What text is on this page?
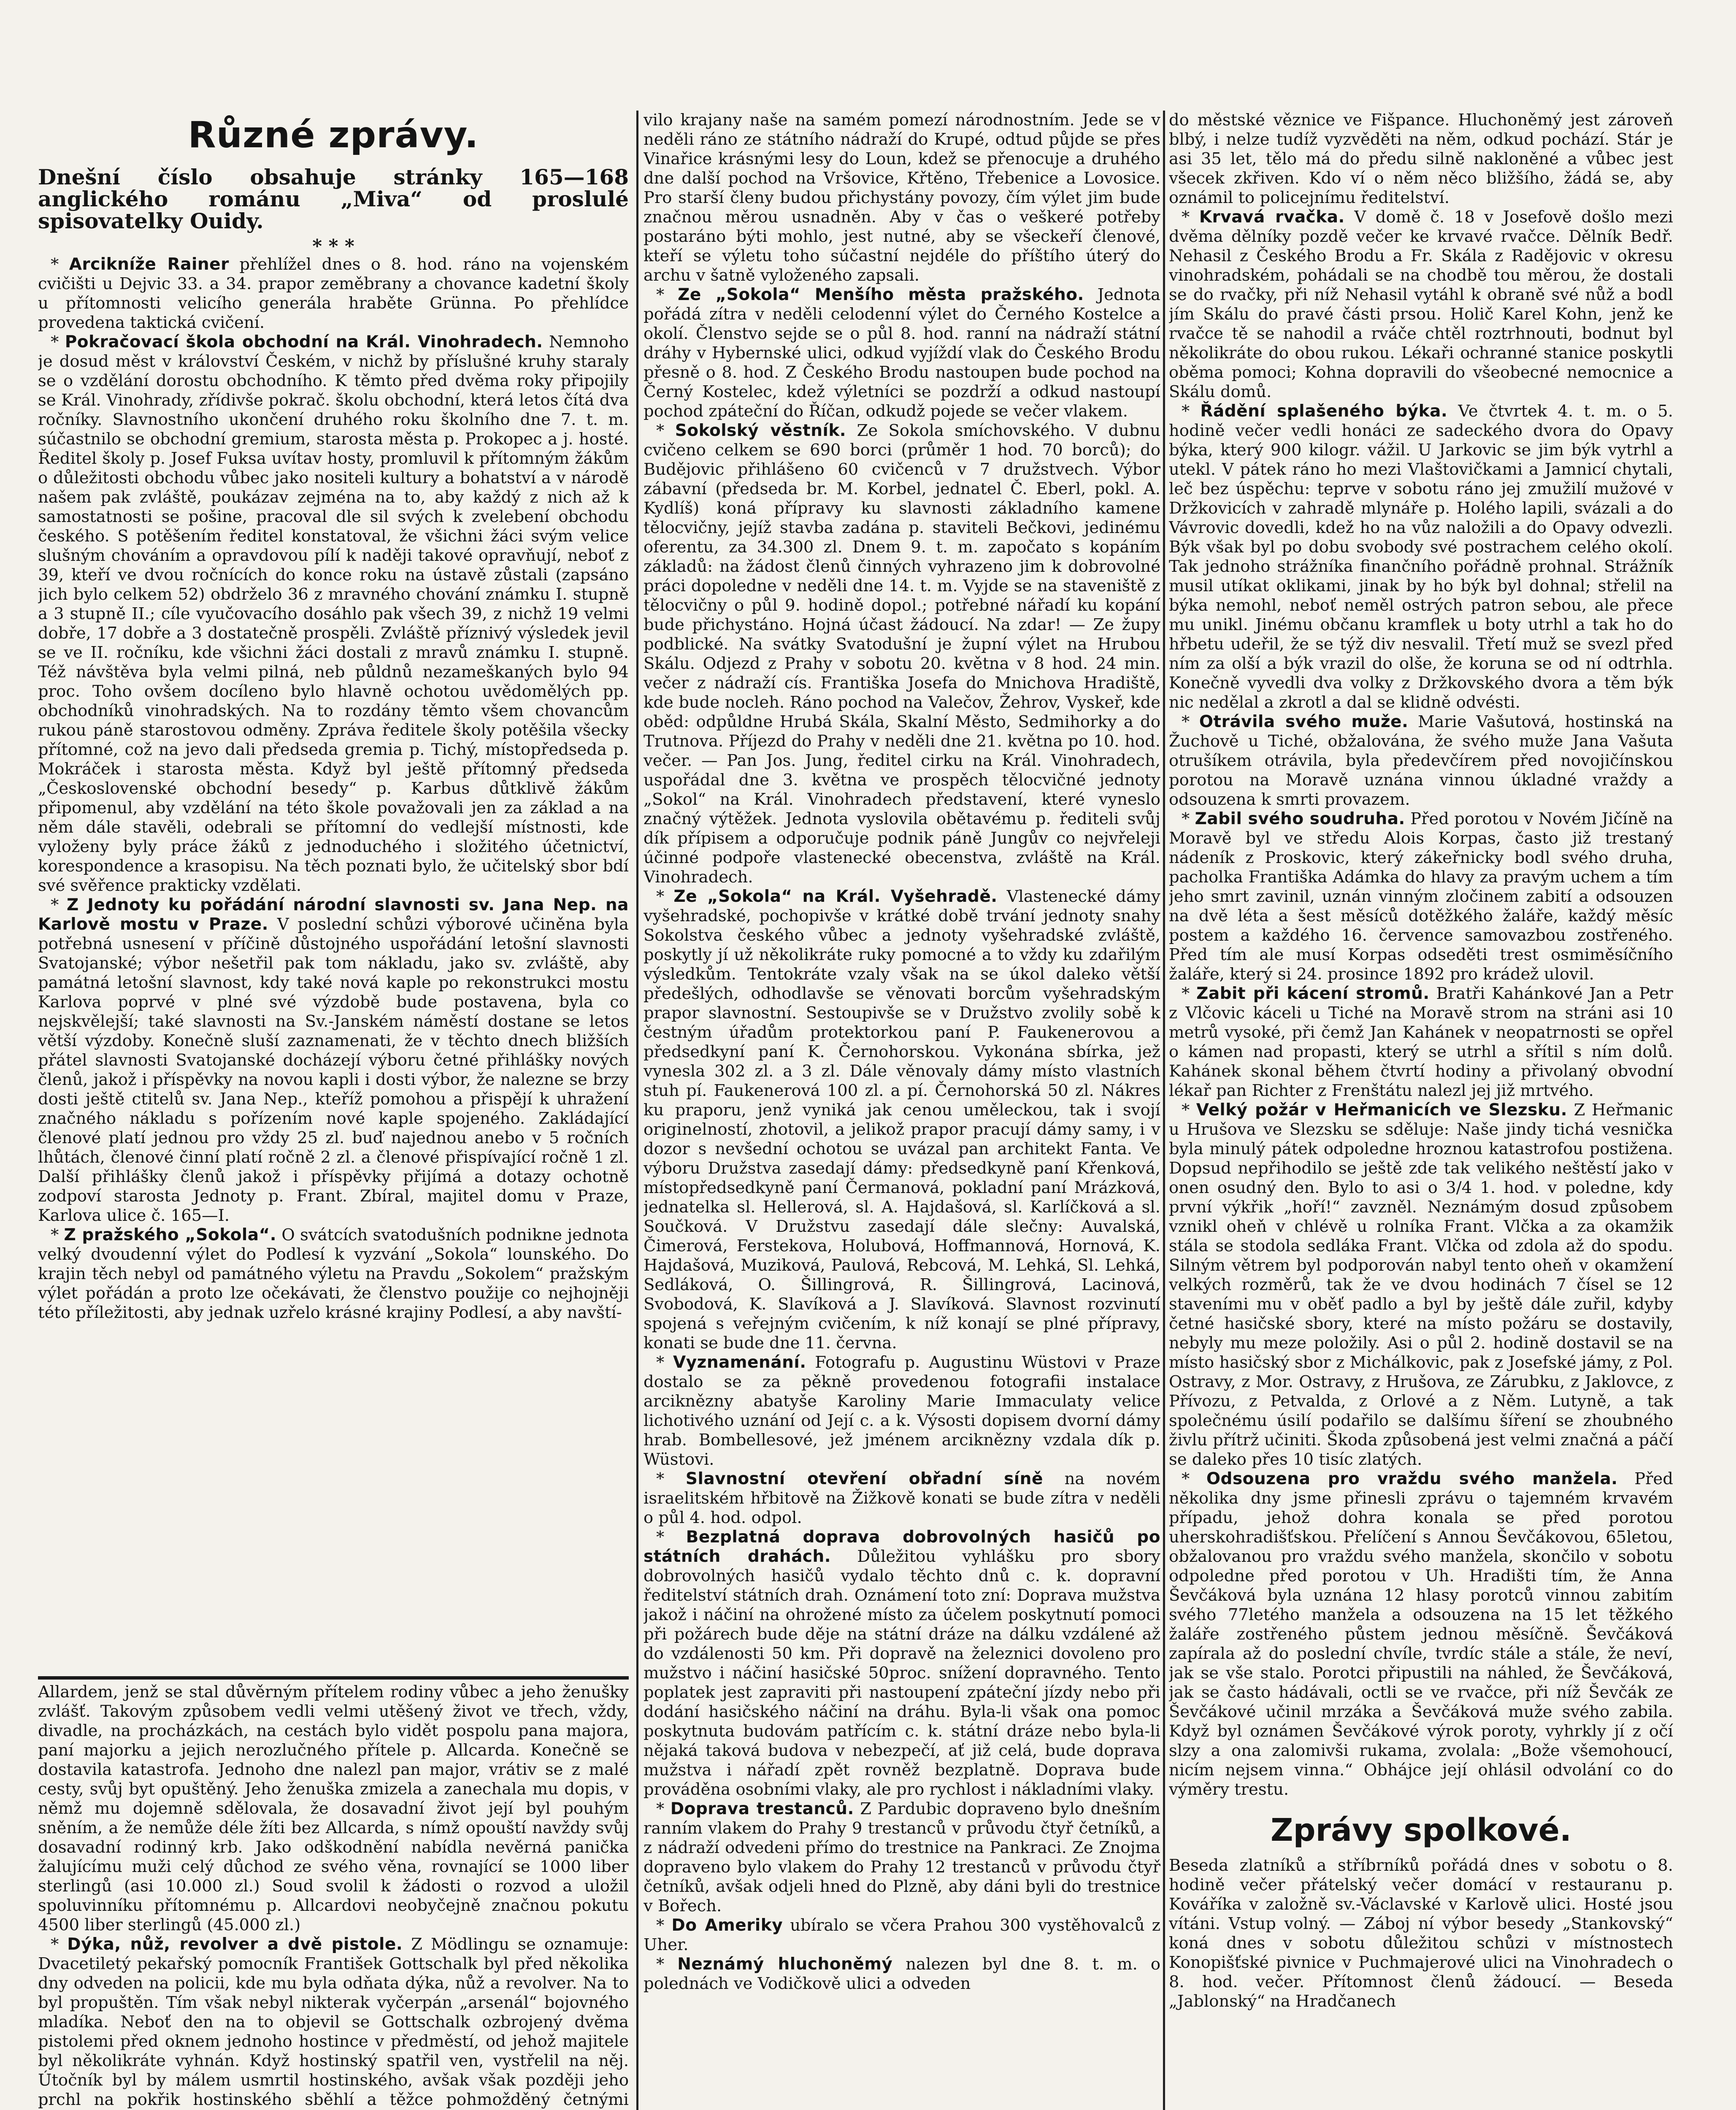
Různé zprávy.

Dnešní číslo obsahuje stránky 165—168 anglického románu „Miva“ od proslulé spisovatelky Ouidy.

* * *

* Arcikníže Rainer přehlížel dnes o 8. hod. ráno na vojenském cvičišti u Dejvic 33. a 34. prapor zeměbrany a chovance kadetní školy u přítomnosti velicího generála hraběte Grünna. Po přehlídce provedena taktická cvičení.

* Pokračovací škola obchodní na Král. Vinohradech. Nemnoho je dosud měst v království Českém, v nichž by příslušné kruhy staraly se o vzdělání dorostu obchodního. K těmto před dvěma roky připojily se Král. Vinohrady, zřídivše pokrač. školu obchodní, která letos čítá dva ročníky. Slavnostního ukončení druhého roku školního dne 7. t. m. súčastnilo se obchodní gremium, starosta města p. Prokopec a j. hosté. Ředitel školy p. Josef Fuksa uvítav hosty, promluvil k přítomným žákům o důležitosti obchodu vůbec jako nositeli kultury a bohatství a v národě našem pak zvláště, poukázav zejména na to, aby každý z nich až k samostatnosti se pošine, pracoval dle sil svých k zvelebení obchodu českého. S potěšením ředitel konstatoval, že všichni žáci svým velice slušným chováním a opravdovou pílí k naději takové opravňují, neboť z 39, kteří ve dvou ročnících do konce roku na ústavě zůstali (zapsáno jich bylo celkem 52) obdrželo 36 z mravného chování známku I. stupně a 3 stupně II.; cíle vyučovacího dosáhlo pak všech 39, z nichž 19 velmi dobře, 17 dobře a 3 dostatečně prospěli. Zvláště příznivý výsledek jevil se ve II. ročníku, kde všichni žáci dostali z mravů známku I. stupně. Též návštěva byla velmi pilná, neb půldnů nezameškaných bylo 94 proc. Toho ovšem docíleno bylo hlavně ochotou uvědomělých pp. obchodníků vinohradských. Na to rozdány těmto všem chovancům rukou páně starostovou odměny. Zpráva ředitele školy potěšila všecky přítomné, což na jevo dali předseda gremia p. Tichý, místopředseda p. Mokráček i starosta města. Když byl ještě přítomný předseda „Československé obchodní besedy“ p. Karbus důtklivě žákům připomenul, aby vzdělání na této škole považovali jen za základ a na něm dále stavěli, odebrali se přítomní do vedlejší místnosti, kde vyloženy byly práce žáků z jednoduchého i složitého účetnictví, korespondence a krasopisu. Na těch poznati bylo, že učitelský sbor bdí své svěřence prakticky vzdělati.

* Z Jednoty ku pořádání národní slavnosti sv. Jana Nep. na Karlově mostu v Praze. V poslední schůzi výborové učiněna byla potřebná usnesení v příčině důstojného uspořádání letošní slavnosti Svatojanské; výbor nešetřil pak tom nákladu, jako sv. zvláště, aby památná letošní slavnost, kdy také nová kaple po rekonstrukci mostu Karlova poprvé v plné své výzdobě bude postavena, byla co nejskvělejší; také slavnosti na Sv.-Janském náměstí dostane se letos větší výzdoby. Konečně sluší zaznamenati, že v těchto dnech bližších přátel slavnosti Svatojanské docházejí výboru četné přihlášky nových členů, jakož i příspěvky na novou kapli i dosti výbor, že nalezne se brzy dosti ještě ctitelů sv. Jana Nep., kteříž pomohou a přispějí k uhražení značného nákladu s pořízením nové kaple spojeného. Zakládající členové platí jednou pro vždy 25 zl. buď najednou anebo v 5 ročních lhůtách, členové činní platí ročně 2 zl. a členové přispívající ročně 1 zl. Další přihlášky členů jakož i příspěvky přijímá a dotazy ochotně zodpoví starosta Jednoty p. Frant. Zbíral, majitel domu v Praze, Karlova ulice č. 165—I.

* Z pražského „Sokola“. O svátcích svatodušních podnikne jednota velký dvoudenní výlet do Podlesí k vyzvání „Sokola“ lounského. Do krajin těch nebyl od památného výletu na Pravdu „Sokolem“ pražským výlet pořádán a proto lze očekávati, že členstvo použije co nejhojněji této příležitosti, aby jednak uzřelo krásné krajiny Podlesí, a aby navští-

Allardem, jenž se stal důvěrným přítelem rodiny vůbec a jeho ženušky zvlášť. Takovým způsobem vedli velmi utěšený život ve třech, vždy, divadle, na procházkách, na cestách bylo vidět pospolu pana majora, paní majorku a jejich nerozlučného přítele p. Allcarda. Konečně se dostavila katastrofa. Jednoho dne nalezl pan major, vrátiv se z malé cesty, svůj byt opuštěný. Jeho ženuška zmizela a zanechala mu dopis, v němž mu dojemně sdělovala, že dosavadní život její byl pouhým sněním, a že nemůže déle žíti bez Allcarda, s nímž opouští navždy svůj dosavadní rodinný krb. Jako odškodnění nabídla nevěrná panička žalujícímu muži celý důchod ze svého věna, rovnající se 1000 liber sterlingů (asi 10.000 zl.) Soud svolil k žádosti o rozvod a uložil spoluvinníku přítomnému p. Allcardovi neobyčejně značnou pokutu 4500 liber sterlingů (45.000 zl.)

* Dýka, nůž, revolver a dvě pistole. Z Mödlingu se oznamuje: Dvacetiletý pekařský pomocník František Gottschalk byl před několika dny odveden na policii, kde mu byla odňata dýka, nůž a revolver. Na to byl propuštěn. Tím však nebyl nikterak vyčerpán „arsenál“ bojovného mladíka. Neboť den na to objevil se Gottschalk ozbrojený dvěma pistolemi před oknem jednoho hostince v předměstí, od jehož majitele byl několikráte vyhnán. Když hostinský spatřil ven, vystřelil na něj. Útočník byl by málem usmrtil hostinského, avšak však později jeho prchl na pokřik hostinského sběhlí a těžce pohmožděný četnými

vilo krajany naše na samém pomezí národnostním. Jede se v neděli ráno ze státního nádraží do Krupé, odtud půjde se přes Vinařice krásnými lesy do Loun, kdež se přenocuje a druhého dne další pochod na Vršovice, Křtěno, Třebenice a Lovosice. Pro starší členy budou přichystány povozy, čím výlet jim bude značnou měrou usnadněn. Aby v čas o veškeré potřeby postaráno býti mohlo, jest nutné, aby se všeckeří členové, kteří se výletu toho súčastní nejdéle do příštího úterý do archu v šatně vyloženého zapsali.

* Ze „Sokola“ Menšího města pražského. Jednota pořádá zítra v neděli celodenní výlet do Černého Kostelce a okolí. Členstvo sejde se o půl 8. hod. ranní na nádraží státní dráhy v Hybernské ulici, odkud vyjíždí vlak do Českého Brodu přesně o 8. hod. Z Českého Brodu nastoupen bude pochod na Černý Kostelec, kdež výletníci se pozdrží a odkud nastoupí pochod zpáteční do Říčan, odkudž pojede se večer vlakem.

* Sokolský věstník. Ze Sokola smíchovského. V dubnu cvičeno celkem se 690 borci (průměr 1 hod. 70 borců); do Budějovic přihlášeno 60 cvičenců v 7 družstvech. Výbor zábavní (předseda br. M. Korbel, jednatel Č. Eberl, pokl. A. Kydlíš) koná přípravy ku slavnosti základního kamene tělocvičny, jejíž stavba zadána p. staviteli Bečkovi, jedinému oferentu, za 34.300 zl. Dnem 9. t. m. započato s kopáním základů: na žádost členů činných vyhrazeno jim k dobrovolné práci dopoledne v neděli dne 14. t. m. Vyjde se na staveniště z tělocvičny o půl 9. hodině dopol.; potřebné nářadí ku kopání bude přichystáno. Hojná účast žádoucí. Na zdar! — Ze župy podblické. Na svátky Svatodušní je župní výlet na Hrubou Skálu. Odjezd z Prahy v sobotu 20. května v 8 hod. 24 min. večer z nádraží cís. Františka Josefa do Mnichova Hradiště, kde bude nocleh. Ráno pochod na Valečov, Žehrov, Vyskeř, kde oběd: odpůldne Hrubá Skála, Skalní Město, Sedmihorky a do Trutnova. Příjezd do Prahy v neděli dne 21. května po 10. hod. večer. — Pan Jos. Jung, ředitel cirku na Král. Vinohradech, uspořádal dne 3. května ve prospěch tělocvičné jednoty „Sokol“ na Král. Vinohradech představení, které vyneslo značný výtěžek. Jednota vyslovila obětavému p. řediteli svůj dík přípisem a odporučuje podnik páně Jungův co nejvřeleji účinné podpoře vlastenecké obecenstva, zvláště na Král. Vinohradech.

* Ze „Sokola“ na Král. Vyšehradě. Vlastenecké dámy vyšehradské, pochopivše v krátké době trvání jednoty snahy Sokolstva českého vůbec a jednoty vyšehradské zvláště, poskytly jí už několikráte ruky pomocné a to vždy ku zdařilým výsledkům. Tentokráte vzaly však na se úkol daleko větší předešlých, odhodlavše se věnovati borcům vyšehradským prapor slavnostní. Sestoupivše se v Družstvo zvolily sobě k čestným úřadům protektorkou paní P. Faukenerovou a předsedkyní paní K. Černohorskou. Vykonána sbírka, jež vynesla 302 zl. a 3 zl. Dále věnovaly dámy místo vlastních stuh pí. Faukenerová 100 zl. a pí. Černohorská 50 zl. Nákres ku praporu, jenž vyniká jak cenou uměleckou, tak i svojí originelností, zhotovil, a jelikož prapor pracují dámy samy, i v dozor s nevšední ochotou se uvázal pan architekt Fanta. Ve výboru Družstva zasedají dámy: předsedkyně paní Křenková, místopředsedkyně paní Čermanová, pokladní paní Mrázková, jednatelka sl. Hellerová, sl. A. Hajdašová, sl. Karlíčková a sl. Součková. V Družstvu zasedají dále slečny: Auvalská, Čimerová, Ferstekova, Holubová, Hoffmannová, Hornová, K. Hajdašová, Muziková, Paulová, Rebcová, M. Lehká, Sl. Lehká, Sedláková, O. Šillingrová, R. Šillingrová, Lacinová, Svobodová, K. Slavíková a J. Slavíková. Slavnost rozvinutí spojená s veřejným cvičením, k níž konají se plné přípravy, konati se bude dne 11. června.

* Vyznamenání. Fotografu p. Augustinu Wüstovi v Praze dostalo se za pěkně provedenou fotografii instalace arciknězny abatyše Karoliny Marie Immaculaty velice lichotivého uznání od Její c. a k. Výsosti dopisem dvorní dámy hrab. Bombellesové, jež jménem arciknězny vzdala dík p. Wüstovi.

* Slavnostní otevření obřadní síně na novém israelitském hřbitově na Žižkově konati se bude zítra v neděli o půl 4. hod. odpol.

* Bezplatná doprava dobrovolných hasičů po státních drahách. Důležitou vyhlášku pro sbory dobrovolných hasičů vydalo těchto dnů c. k. dopravní ředitelství státních drah. Oznámení toto zní: Doprava mužstva jakož i náčiní na ohrožené místo za účelem poskytnutí pomoci při požárech bude děje na státní dráze na dálku vzdálené až do vzdálenosti 50 km. Při dopravě na železnici dovoleno pro mužstvo i náčiní hasičské 50proc. snížení dopravného. Tento poplatek jest zapraviti při nastoupení zpáteční jízdy nebo při dodání hasičského náčiní na dráhu. Byla-li však ona pomoc poskytnuta budovám patřícím c. k. státní dráze nebo byla-li nějaká taková budova v nebezpečí, ať již celá, bude doprava mužstva i nářadí zpět rovněž bezplatně. Doprava bude prováděna osobními vlaky, ale pro rychlost i nákladními vlaky.

* Doprava trestanců. Z Pardubic dopraveno bylo dnešním ranním vlakem do Prahy 9 trestanců v průvodu čtyř četníků, a z nádraží odvedeni přímo do trestnice na Pankraci. Ze Znojma dopraveno bylo vlakem do Prahy 12 trestanců v průvodu čtyř četníků, avšak odjeli hned do Plzně, aby dáni byli do trestnice v Bořech.

* Do Ameriky ubíralo se včera Prahou 300 vystěhovalců z Uher.

* Neznámý hluchoněmý nalezen byl dne 8. t. m. o polednách ve Vodičkově ulici a odveden

do městské věznice ve Fišpance. Hluchoněmý jest zároveň blbý, i nelze tudíž vyzvěděti na něm, odkud pochází. Stár je asi 35 let, tělo má do předu silně nakloněné a vůbec jest všecek zkřiven. Kdo ví o něm něco bližšího, žádá se, aby oznámil to policejnímu ředitelství.

* Krvavá rvačka. V domě č. 18 v Josefově došlo mezi dvěma dělníky pozdě večer ke krvavé rvačce. Dělník Bedř. Nehasil z Českého Brodu a Fr. Skála z Radějovic v okresu vinohradském, pohádali se na chodbě tou měrou, že dostali se do rvačky, při níž Nehasil vytáhl k obraně své nůž a bodl jím Skálu do pravé části prsou. Holič Karel Kohn, jenž ke rvačce tě se nahodil a rváče chtěl roztrhnouti, bodnut byl několikráte do obou rukou. Lékaři ochranné stanice poskytli oběma pomoci; Kohna dopravili do všeobecné nemocnice a Skálu domů.

* Řádění splašeného býka. Ve čtvrtek 4. t. m. o 5. hodině večer vedli honáci ze sadeckého dvora do Opavy býka, který 900 kilogr. vážil. U Jarkovic se jim býk vytrhl a utekl. V pátek ráno ho mezi Vlaštovičkami a Jamnicí chytali, leč bez úspěchu: teprve v sobotu ráno jej zmužilí mužové v Držkovicích v zahradě mlynáře p. Holého lapili, svázali a do Vávrovic dovedli, kdež ho na vůz naložili a do Opavy odvezli. Býk však byl po dobu svobody své postrachem celého okolí. Tak jednoho strážníka finančního pořádně prohnal. Strážník musil utíkat oklikami, jinak by ho býk byl dohnal; střelil na býka nemohl, neboť neměl ostrých patron sebou, ale přece mu unikl. Jinému občanu kramflek u boty utrhl a tak ho do hřbetu udeřil, že se týž div nesvalil. Třetí muž se svezl před ním za olší a býk vrazil do olše, že koruna se od ní odtrhla. Konečně vyvedli dva volky z Držkovského dvora a těm býk nic nedělal a zkrotl a dal se klidně odvésti.

* Otrávila svého muže. Marie Vašutová, hostinská na Žuchově u Tiché, obžalována, že svého muže Jana Vašuta otrušíkem otrávila, byla předevčírem před novojičínskou porotou na Moravě uznána vinnou úkladné vraždy a odsouzena k smrti provazem.

* Zabil svého soudruha. Před porotou v Novém Jičíně na Moravě byl ve středu Alois Korpas, často již trestaný nádeník z Proskovic, který zákeřnicky bodl svého druha, pacholka Františka Adámka do hlavy za pravým uchem a tím jeho smrt zavinil, uznán vinným zločinem zabití a odsouzen na dvě léta a šest měsíců dotěžkého žaláře, každý měsíc postem a každého 16. července samovazbou zostřeného. Před tím ale musí Korpas odseděti trest osmiměsíčního žaláře, který si 24. prosince 1892 pro krádež ulovil.

* Zabit při kácení stromů. Bratři Kahánkové Jan a Petr z Vlčovic káceli u Tiché na Moravě strom na stráni asi 10 metrů vysoké, při čemž Jan Kahánek v neopatrnosti se opřel o kámen nad propasti, který se utrhl a sřítil s ním dolů. Kahánek skonal během čtvrtí hodiny a přivolaný obvodní lékař pan Richter z Frenštátu nalezl jej již mrtvého.

* Velký požár v Heřmanicích ve Slezsku. Z Heřmanic u Hrušova ve Slezsku se sděluje: Naše jindy tichá vesnička byla minulý pátek odpoledne hroznou katastrofou postižena. Dopsud nepřihodilo se ještě zde tak velikého neštěstí jako v onen osudný den. Bylo to asi o 3/4 1. hod. v poledne, kdy první výkřik „hoří!“ zavzněl. Neznámým dosud způsobem vznikl oheň v chlévě u rolníka Frant. Vlčka a za okamžik stála se stodola sedláka Frant. Vlčka od zdola až do spodu. Silným větrem byl podporován nabyl tento oheň v okamžení velkých rozměrů, tak že ve dvou hodinách 7 čísel se 12 staveními mu v oběť padlo a byl by ještě dále zuřil, kdyby četné hasičské sbory, které na místo požáru se dostavily, nebyly mu meze položily. Asi o půl 2. hodině dostavil se na místo hasičský sbor z Michálkovic, pak z Josefské jámy, z Pol. Ostravy, z Mor. Ostravy, z Hrušova, ze Zárubku, z Jaklovce, z Přívozu, z Petvalda, z Orlové a z Něm. Lutyně, a tak společnému úsilí podařilo se dalšímu šíření se zhoubného živlu přítrž učiniti. Škoda způsobená jest velmi značná a páčí se daleko přes 10 tisíc zlatých.

* Odsouzena pro vraždu svého manžela. Před několika dny jsme přinesli zprávu o tajemném krvavém případu, jehož dohra konala se před porotou uherskohradišťskou. Přelíčení s Annou Ševčákovou, 65letou, obžalovanou pro vraždu svého manžela, skončilo v sobotu odpoledne před porotou v Uh. Hradišti tím, že Anna Ševčáková byla uznána 12 hlasy porotců vinnou zabitím svého 77letého manžela a odsouzena na 15 let těžkého žaláře zostřeného půstem jednou měsíčně. Ševčáková zapírala až do poslední chvíle, tvrdíc stále a stále, že neví, jak se vše stalo. Porotci připustili na náhled, že Ševčáková, jak se často hádávali, octli se ve rvačce, při níž Ševčák ze Ševčákové učinil mrzáka a Ševčáková muže svého zabila. Když byl oznámen Ševčákové výrok poroty, vyhrkly jí z očí slzy a ona zalomivši rukama, zvolala: „Bože všemohoucí, nicím nejsem vinna.“ Obhájce její ohlásil odvolání co do výměry trestu.

Zprávy spolkové.

Beseda zlatníků a stříbrníků pořádá dnes v sobotu o 8. hodině večer přátelský večer domácí v restauranu p. Kováříka v založně sv.-Václavské v Karlově ulici. Hosté jsou vítáni. Vstup volný. — Záboj ní výbor besedy „Stankovský“ koná dnes v sobotu důležitou schůzi v místnostech Konopišťské pivnice v Puchmajerové ulici na Vinohradech o 8. hod. večer. Přítomnost členů žádoucí. — Beseda „Jablonský“ na Hradčanech
